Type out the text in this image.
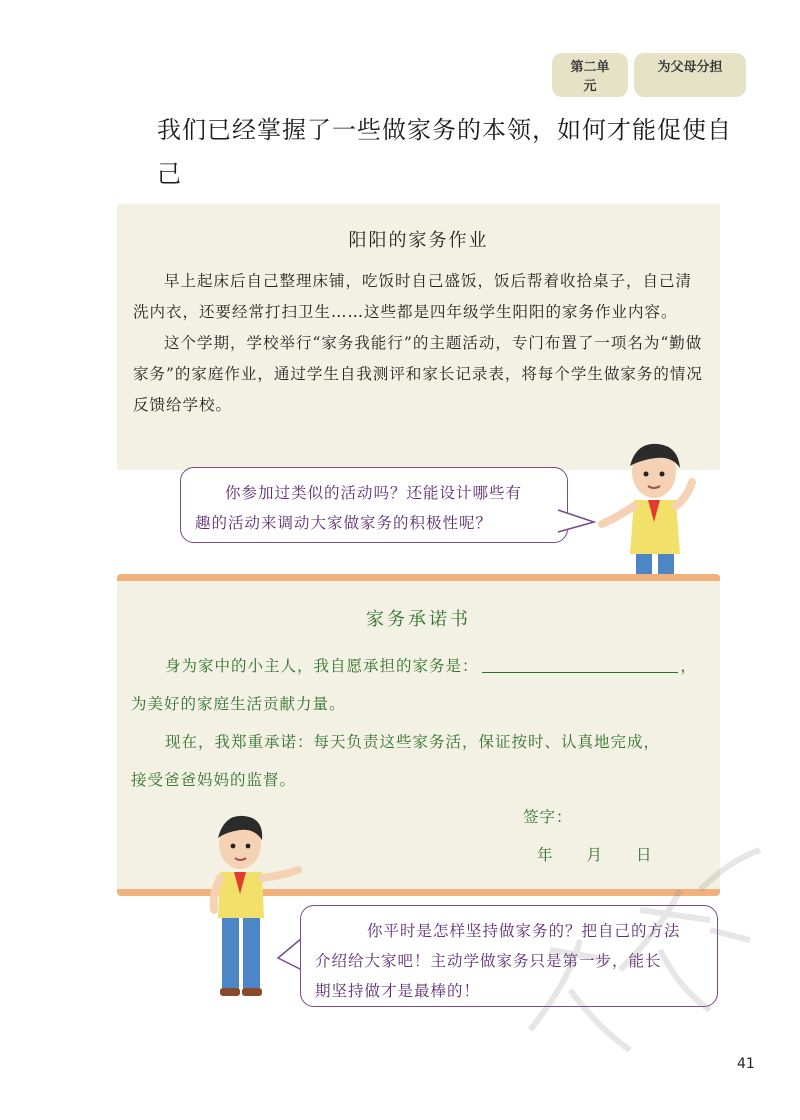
第二单元
为父母分担
我们已经掌握了一些做家务的本领，如何才能促使自己
阳阳的家务作业

早上起床后自己整理床铺，吃饭时自己盛饭，饭后帮着收拾桌子，自己清洗内衣，还要经常打扫卫生……这些都是四年级学生阳阳的家务作业内容。

这个学期，学校举行“家务我能行”的主题活动，专门布置了一项名为“勤做家务”的家庭作业，通过学生自我测评和家长记录表，将每个学生做家务的情况反馈给学校。

你参加过类似的活动吗？还能设计哪些有
趣的活动来调动大家做家务的积极性呢？
家务承诺书

身为家中的小主人，我自愿承担的家务是：	，

为美好的家庭生活贡献力量。

现在，我郑重承诺：每天负责这些家务活，保证按时、认真地完成，

接受爸爸妈妈的监督。

签字：
年 月 日
你平时是怎样坚持做家务的？把自己的方法
介绍给大家吧！主动学做家务只是第一步，能长
期坚持做才是最棒的！
41
